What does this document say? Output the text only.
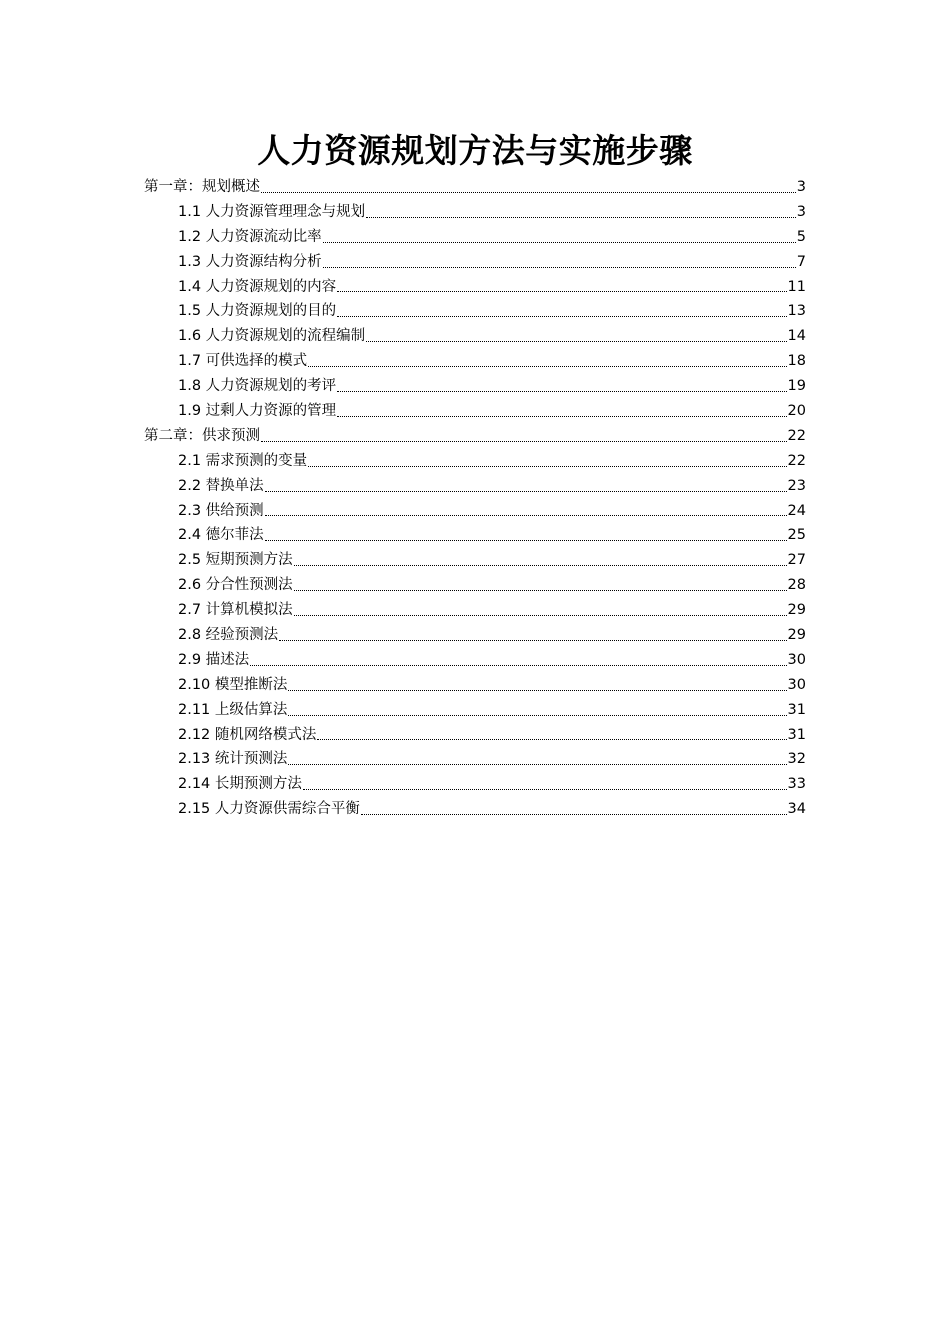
人力资源规划方法与实施步骤
第一章：规划概述	3
1.1 人力资源管理理念与规划	3
1.2 人力资源流动比率	5
1.3 人力资源结构分析	7
1.4 人力资源规划的内容	11
1.5 人力资源规划的目的	13
1.6 人力资源规划的流程编制	14
1.7 可供选择的模式	18
1.8 人力资源规划的考评	19
1.9 过剩人力资源的管理	20
第二章：供求预测	22
2.1 需求预测的变量	22
2.2 替换单法	23
2.3 供给预测	24
2.4 德尔菲法	25
2.5 短期预测方法	27
2.6 分合性预测法	28
2.7 计算机模拟法	29
2.8 经验预测法	29
2.9 描述法	30
2.10 模型推断法	30
2.11 上级估算法	31
2.12 随机网络模式法	31
2.13 统计预测法	32
2.14 长期预测方法	33
2.15 人力资源供需综合平衡	34
